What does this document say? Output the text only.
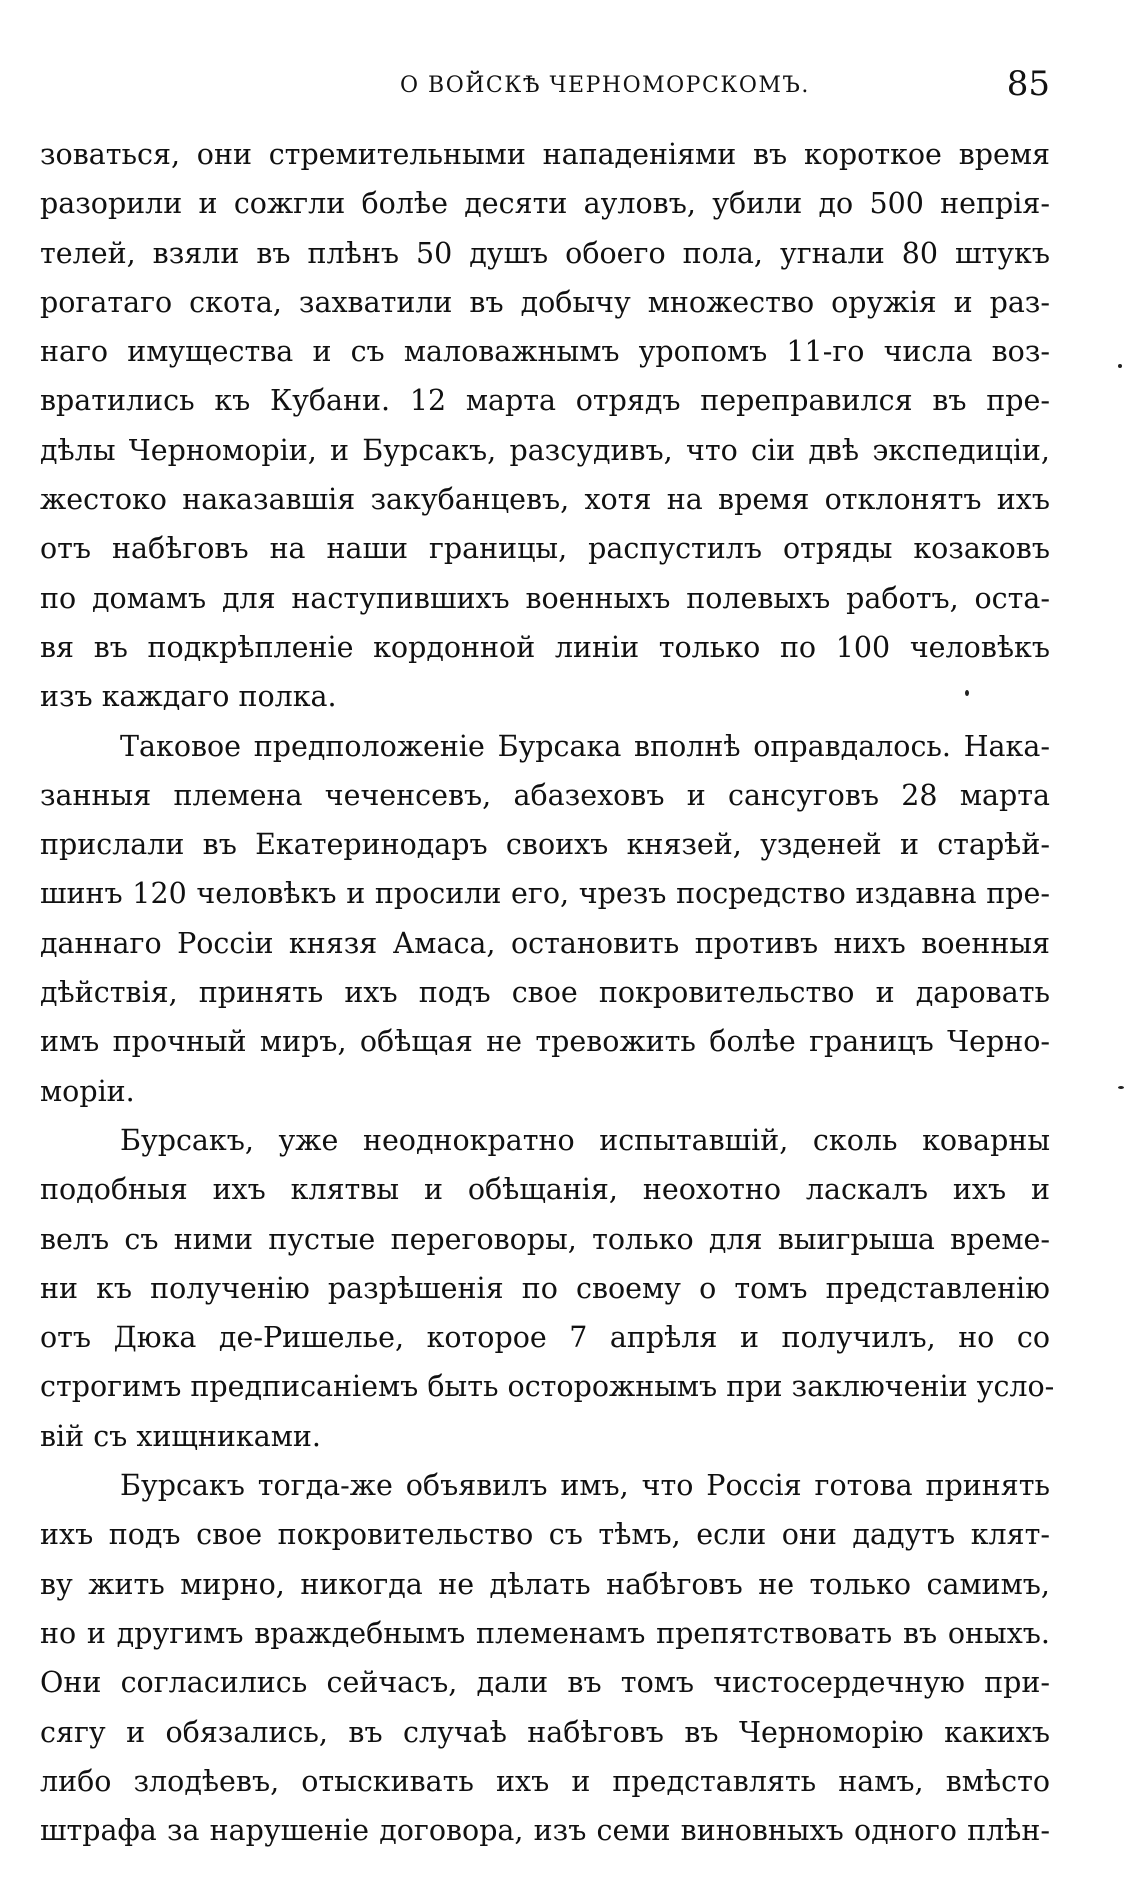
О ВОЙСКѢ ЧЕРНОМОРСКОМЪ.	85
зоваться, они стремительными нападеніями въ короткое время
разорили и сожгли болѣе десяти ауловъ, убили до 500 непрія-
телей, взяли въ плѣнъ 50 душъ обоего пола, угнали 80 штукъ
рогатаго скота, захватили въ добычу множество оружія и раз-
наго имущества и съ маловажнымъ уропомъ 11-го числа воз-
вратились къ Кубани. 12 марта отрядъ переправился въ пре-
дѣлы Черноморіи, и Бурсакъ, разсудивъ, что сіи двѣ экспедиціи,
жестоко наказавшія закубанцевъ, хотя на время отклонятъ ихъ
отъ набѣговъ на наши границы, распустилъ отряды козаковъ
по домамъ для наступившихъ военныхъ полевыхъ работъ, оста-
вя въ подкрѣпленіе кордонной линіи только по 100 человѣкъ
изъ каждаго полка.
Таковое предположеніе Бурсака вполнѣ оправдалось. Нака-
занныя племена чеченсевъ, абазеховъ и сансуговъ 28 марта
прислали въ Екатеринодаръ своихъ князей, узденей и старѣй-
шинъ 120 человѣкъ и просили его, чрезъ посредство издавна пре-
даннаго Россіи князя Амаса, остановить противъ нихъ военныя
дѣйствія, принять ихъ подъ свое покровительство и даровать
имъ прочный миръ, обѣщая не тревожить болѣе границъ Черно-
моріи.
Бурсакъ, уже неоднократно испытавшій, сколь коварны
подобныя ихъ клятвы и обѣщанія, неохотно ласкалъ ихъ и
велъ съ ними пустые переговоры, только для выигрыша време-
ни къ полученію разрѣшенія по своему о томъ представленію
отъ Дюка де-Ришелье, которое 7 апрѣля и получилъ, но со
строгимъ предписаніемъ быть осторожнымъ при заключеніи усло-
вій съ хищниками.
Бурсакъ тогда-же объявилъ имъ, что Россія готова принять
ихъ подъ свое покровительство съ тѣмъ, если они дадутъ клят-
ву жить мирно, никогда не дѣлать набѣговъ не только самимъ,
но и другимъ враждебнымъ племенамъ препятствовать въ оныхъ.
Они согласились сейчасъ, дали въ томъ чистосердечную при-
сягу и обязались, въ случаѣ набѣговъ въ Черноморію какихъ
либо злодѣевъ, отыскивать ихъ и представлять намъ, вмѣсто
штрафа за нарушеніе договора, изъ семи виновныхъ одного плѣн-
